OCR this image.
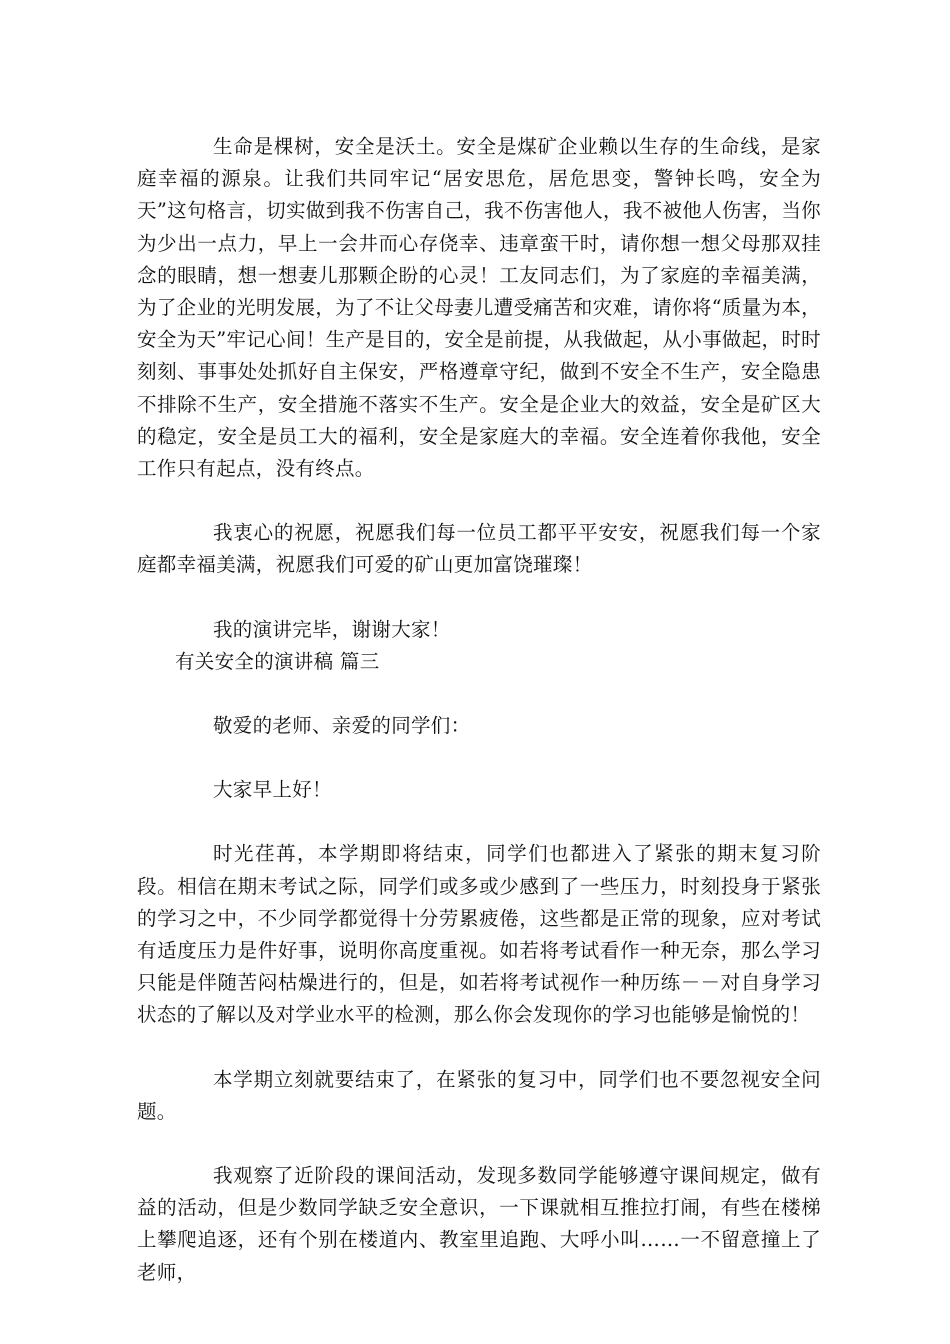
生命是棵树，安全是沃土。安全是煤矿企业赖以生存的生命线，是家庭幸福的源泉。让我们共同牢记“居安思危，居危思变，警钟长鸣，安全为天”这句格言，切实做到我不伤害自己，我不伤害他人，我不被他人伤害，当你为少出一点力，早上一会井而心存侥幸、违章蛮干时，请你想一想父母那双挂念的眼睛，想一想妻儿那颗企盼的心灵！工友同志们，为了家庭的幸福美满，为了企业的光明发展，为了不让父母妻儿遭受痛苦和灾难，请你将“质量为本，安全为天”牢记心间！生产是目的，安全是前提，从我做起，从小事做起，时时刻刻、事事处处抓好自主保安，严格遵章守纪，做到不安全不生产，安全隐患不排除不生产，安全措施不落实不生产。安全是企业大的效益，安全是矿区大的稳定，安全是员工大的福利，安全是家庭大的幸福。安全连着你我他，安全工作只有起点，没有终点。

我衷心的祝愿，祝愿我们每一位员工都平平安安，祝愿我们每一个家庭都幸福美满，祝愿我们可爱的矿山更加富饶璀璨！

我的演讲完毕，谢谢大家！

有关安全的演讲稿 篇三

敬爱的老师、亲爱的同学们：

大家早上好！

时光荏苒，本学期即将结束，同学们也都进入了紧张的期末复习阶段。相信在期末考试之际，同学们或多或少感到了一些压力，时刻投身于紧张的学习之中，不少同学都觉得十分劳累疲倦，这些都是正常的现象，应对考试有适度压力是件好事，说明你高度重视。如若将考试看作一种无奈，那么学习只能是伴随苦闷枯燥进行的，但是，如若将考试视作一种历练－－对自身学习状态的了解以及对学业水平的检测，那么你会发现你的学习也能够是愉悦的！

本学期立刻就要结束了，在紧张的复习中，同学们也不要忽视安全问题。

我观察了近阶段的课间活动，发现多数同学能够遵守课间规定，做有益的活动，但是少数同学缺乏安全意识，一下课就相互推拉打闹，有些在楼梯上攀爬追逐，还有个别在楼道内、教室里追跑、大呼小叫……一不留意撞上了老师，
